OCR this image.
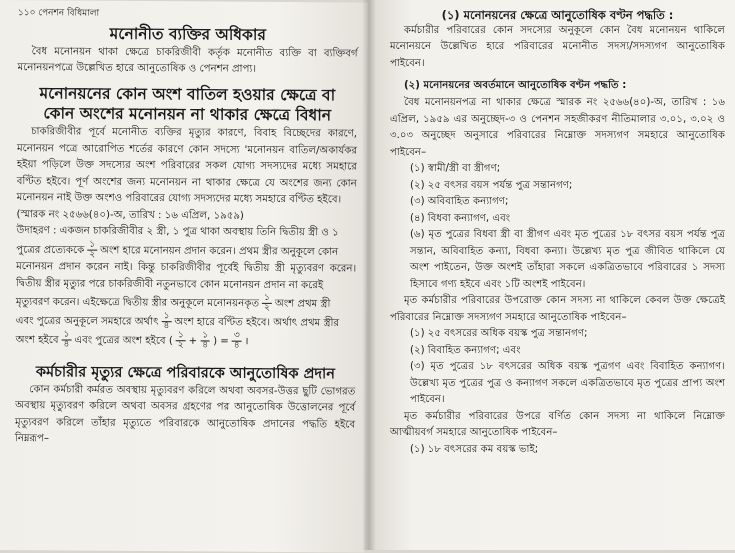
১১০ পেনশন বিধিমালা
মনোনীত ব্যক্তির অধিকার

বৈধ মনোনয়ন থাকা ক্ষেত্রে চাকরিজীবী কর্তৃক মনোনীত ব্যক্তি বা ব্যক্তিবর্গ মনোনয়নপত্রে উল্লেখিত হারে আনুতোষিক ও পেনশন প্রাপ্য।

মনোনয়নের কোন অংশ বাতিল হওয়ার ক্ষেত্রে বা
কোন অংশের মনোনয়ন না থাকার ক্ষেত্রে বিধান

চাকরিজীবীর পূর্বে মনোনীত ব্যক্তির মৃত্যুর কারণে, বিবাহ বিচ্ছেদের কারণে, মনোনয়ন পত্রে আরোপিত শর্তের কারণে কোন সদস্যে 'মনোনয়ন বাতিল/অকার্যকর হইয়া পড়িলে উক্ত সদস্যের অংশ পরিবারের সকল যোগ্য সদস্যদের মধ্যে সমহারে বণ্টিত হইবে। পূর্ণ অংশের জন্য মনোনয়ন না থাকার ক্ষেত্রে যে অংশের জন্য কোন মনোনয়ন নাই উক্ত অংশও পরিবারের যোগ্য সদস্যদের মধ্যে সমহারে বণ্টিত হইবে।

(স্মারক নং ২৫৬৬(৪০)-অ, তারিখ : ১৬ এপ্রিল, ১৯৫৯)

উদাহরণ : একজন চাকরিজীবীর ২ স্ত্রী, ১ পুত্র থাকা অবস্থায় তিনি দ্বিতীয় স্ত্রী ও ১

পুত্রের প্রত্যেককে $\frac{১}{২}$ অংশ হারে মনোনয়ন প্রদান করেন। প্রথম স্ত্রীর অনুকূলে কোন

মনোনয়ন প্রদান করেন নাই। কিন্তু চাকরিজীবীর পূর্বেই দ্বিতীয় স্ত্রী মৃত্যুবরণ করেন। দ্বিতীয় স্ত্রীর মৃত্যুর পরে চাকরিজীবী নতুনভাবে কোন মনোনয়ন প্রদান না করেই

মৃত্যুবরণ করেন। এইক্ষেত্রে দ্বিতীয় স্ত্রীর অনুকূলে মনোনয়নকৃত $\frac{১}{২}$ অংশ প্রথম স্ত্রী

এবং পুত্রের অনুকূলে সমহারে অর্থাৎ $\frac{১}{৪}$ অংশ হারে বণ্টিত হইবে। অর্থাৎ প্রথম স্ত্রীর

অংশ হইবে $\frac{১}{৪}$ এবং পুত্রের অংশ হইবে ( $\frac{১}{২} + \frac{১}{৪}$ ) = $\frac{৩}{৪}$ ।

কর্মচারীর মৃত্যুর ক্ষেত্রে পরিবারকে আনুতোষিক প্রদান

কোন কর্মচারী কর্মরত অবস্থায় মৃত্যুবরণ করিলে অথবা অবসর-উত্তর ছুটি ভোগরত অবস্থায় মৃত্যুবরণ করিলে অথবা অবসর গ্রহণের পর আনুতোষিক উত্তোলনের পূর্বে মৃত্যুবরণ করিলে তাঁহার মৃত্যুতে পরিবারকে আনুতোষিক প্রদানের পদ্ধতি হইবে নিম্নরূপ–

(১) মনোনয়নের ক্ষেত্রে আনুতোষিক বণ্টন পদ্ধতি :

কর্মচারীর পরিবারের কোন সদস্যের অনুকূলে কোন বৈধ মনোনয়ন থাকিলে মনোনয়নে উল্লেখিত হারে পরিবারের মনোনীত সদস্য/সদস্যগণ আনুতোষিক পাইবেন।

(২) মনোনয়নের অবর্তমানে আনুতোষিক বণ্টন পদ্ধতি :

বৈধ মনোনয়নপত্র না থাকার ক্ষেত্রে স্মারক নং ২৫৬৬(৪০)-অ, তারিখ : ১৬ এপ্রিল, ১৯৫৯ এর অনুচ্ছেদ-৩ ও পেনশন সহজীকরণ নীতিমালার ৩.০১, ৩.০২ ও ৩.০৩ অনুচ্ছেদ অনুসারে পরিবারের নিম্নোক্ত সদস্যগণ সমহারে আনুতোষিক পাইবেন–

(১) স্বামী/স্ত্রী বা স্ত্রীগণ;

(২) ২৫ বৎসর বয়স পর্যন্ত পুত্র সন্তানগণ;

(৩) অবিবাহিত কন্যাগণ;

(৪) বিধবা কন্যাগণ, এবং

(৬) মৃত পুত্রের বিধবা স্ত্রী বা স্ত্রীগণ এবং মৃত পুত্রের ১৮ বৎসর বয়স পর্যন্ত পুত্র সন্তান, অবিবাহিত কন্যা, বিধবা কন্যা। উল্লেখ্য মৃত পুত্র জীবিত থাকিলে যে অংশ পাইতেন, উক্ত অংশই তাঁহারা সকলে একত্রিতভাবে পরিবারের ১ সদস্য হিসাবে গণ্য হইবে এবং ১টি অংশই পাইবেন।

মৃত কর্মচারীর পরিবারের উপরোক্ত কোন সদস্য না থাকিলে কেবল উক্ত ক্ষেত্রেই পরিবারের নিম্নোক্ত সদস্যগণ সমহারে আনুতোষিক পাইবেন–

(১) ২৫ বৎসরের অধিক বয়স্ক পুত্র সন্তানগণ;

(২) বিবাহিত কন্যাগণ; এবং

(৩) মৃত পুত্রের ১৮ বৎসরের অধিক বয়স্ক পুত্রগণ এবং বিবাহিত কন্যাগণ। উল্লেখ্য মৃত পুত্রের পুত্র ও কন্যাগণ সকলে একত্রিতভাবে মৃত পুত্রের প্রাপ্য অংশ পাইবেন।

মৃত কর্মচারীর পরিবারের উপরে বর্ণিত কোন সদস্য না থাকিলে নিম্নোক্ত আত্মীয়বর্গ সমহারে আনুতোষিক পাইবেন–

(১) ১৮ বৎসরের কম বয়স্ক ভাই;
